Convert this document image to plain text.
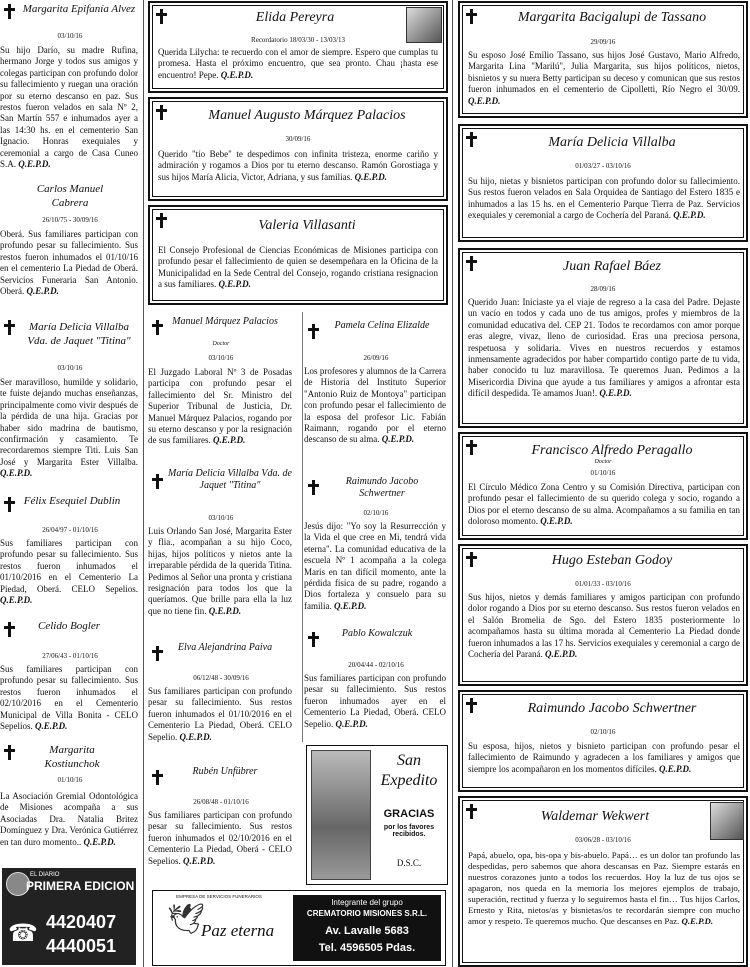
Margarita Epifanía Alvez
03/10/16
Su hijo Darío, su madre Rufina, hermano Jorge y todos sus amigos y colegas participan con profundo dolor su fallecimiento y ruegan una oración por su eterno descanso en paz. Sus restos fueron velados en sala Nº 2, San Martín 557 e inhumados ayer a las 14:30 hs. en el cementerio San Ignacio. Honras exequiales y ceremonial a cargo de Casa Cuneo S.A. Q.E.P.D.
Carlos Manuel Cabrera
26/10/75 - 30/09/16
Oberá. Sus familiares participan con profundo pesar su fallecimiento. Sus restos fueron inhumados el 01/10/16 en el cementerio La Piedad de Oberá. Servicios Funeraria San Antonio. Oberá. Q.E.P.D.
María Delicia Villalba Vda. de Jaquet "Titina"
03/10/16
Ser maravilloso, humilde y solidario, te fuiste dejando muchas enseñanzas, principalmente como vivir después de la pérdida de una hija. Gracias por haber sido madrina de bautismo, confirmación y casamiento. Te recordaremos siempre Titi. Luis San José y Margarita Ester Villalba. Q.E.P.D.
Félix Esequiel Dublin
26/04/97 - 01/10/16
Sus familiares participan con profundo pesar su fallecimiento. Sus restos fueron inhumados el 01/10/2016 en el Cementerio La Piedad, Oberá. CELO Sepelios. Q.E.P.D.
Celido Bogler
27/06/43 - 01/10/16
Sus familiares participan con profundo pesar su fallecimiento. Sus restos fueron inhumados el 02/10/2016 en el Cementerio Municipal de Villa Bonita - CELO Sepelios. Q.E.P.D.
Margarita Kostiunchok
01/10/16
La Asociación Gremial Odontológica de Misiones acompaña a sus Asociadas Dra. Natalia Britez Domínguez y Dra. Verónica Gutiérrez en tan duro momento.. Q.E.P.D.
EL DIARIO
PRIMERA EDICION
☎ 4420407
4440051
Elida Pereyra
Recordatorio 18/03/30 - 13/03/13
Querida Lilycha: te recuerdo con el amor de siempre. Espero que cumplas tu promesa. Hasta el próximo encuentro, que sea pronto. Chau ¡hasta ese encuentro! Pepe. Q.E.P.D.
Manuel Augusto Márquez Palacios
30/09/16
Querido "tío Bebe" te despedimos con infinita tristeza, enorme cariño y admiración y rogamos a Dios por tu eterno descanso. Ramón Gorostiaga y sus hijos María Alicia, Victor, Adriana, y sus familias. Q.E.P.D.
Valeria Villasanti
El Consejo Profesional de Ciencias Económicas de Misiones participa con profundo pesar el fallecimiento de quien se desempeñara en la Oficina de la Municipalidad en la Sede Central del Consejo, rogando cristiana resignacion a sus familiares. Q.E.P.D.
Manuel Márquez Palacios
Doctor
03/10/16
El Juzgado Laboral Nº 3 de Posadas participa con profundo pesar el fallecimiento del Sr. Ministro del Superior Tribunal de Justicia, Dr. Manuel Márquez Palacios, rogando por su eterno descanso y por la resignación de sus familiares. Q.E.P.D.
María Delicia Villalba Vda. de Jaquet "Titina"
03/10/16
Luis Orlando San José, Margarita Ester y flia., acompañan a su hijo Coco, hijas, hijos políticos y nietos ante la irreparable pérdida de la querida Titina. Pedimos al Señor una pronta y cristiana resignación para todos los que la queríamos. Que brille para ella la luz que no tiene fin. Q.E.P.D.
Elva Alejandrina Paiva
06/12/48 - 30/09/16
Sus familiares participan con profundo pesar su fallecimiento. Sus restos fueron inhumados el 01/10/2016 en el Cementerio La Piedad, Oberá. CELO Sepelio. Q.E.P.D.
Rubén Unfübrer
26/08/48 - 01/10/16
Sus familiares participan con profundo pesar su fallecimiento. Sus restos fueron inhumados el 02/10/2016 en el Cementerio La Piedad, Oberá - CELO Sepelios. Q.E.P.D.
Pamela Celina Elizalde
26/09/16
Los profesores y alumnos de la Carrera de Historia del Instituto Superior "Antonio Ruiz de Montoya" participan con profundo pesar el fallecimiento de la esposa del profesor Lic. Fabián Raimann, rogando por el eterno descanso de su alma. Q.E.P.D.
Raimundo Jacobo Schwertner
02/10/16
Jesús dijo: "Yo soy la Resurrección y la Vida el que cree en Mi, tendrá vida eterna". La comunidad educativa de la escuela Nº 1 acompaña a la colega Maris en tan difícil momento, ante la pérdida física de su padre, rogando a Dios fortaleza y consuelo para su familia. Q.E.P.D.
Pablo Kowalczuk
20/04/44 - 02/10/16
Sus familiares participan con profundo pesar su fallecimiento. Sus restos fueron inhumados ayer en el Cementerio La Piedad, Oberá. CELO Sepelio. Q.E.P.D.
San
Expedito
GRACIAS
por los favores recibidos.
D.S.C.
EMPRESA DE SERVICIOS FUNERARIOS
🕊
Paz eterna
Integrante del grupo
CREMATORIO MISIONES S.R.L.
Av. Lavalle 5683
Tel. 4596505 Pdas.
Margarita Bacigalupi de Tassano
29/09/16
Su esposo José Emilio Tassano, sus hijos José Gustavo, Mario Alfredo, Margarita Lina "Marilú", Julia Margarita, sus hijos políticos, nietos, bisnietos y su nuera Betty participan su deceso y comunican que sus restos fueron inhumados en el cementerio de Cipolletti, Río Negro el 30/09. Q.E.P.D.
María Delicia Villalba
01/03/27 - 03/10/16
Su hijo, nietas y bisnietos participan con profundo dolor su fallecimiento. Sus restos fueron velados en Sala Orquidea de Santiago del Estero 1835 e inhumados a las 15 hs. en el Cementerio Parque Tierra de Paz. Servicios exequiales y ceremonial a cargo de Cochería del Paraná. Q.E.P.D.
Juan Rafael Báez
28/09/16
Querido Juan: Iniciaste ya el viaje de regreso a la casa del Padre. Dejaste un vacío en todos y cada uno de tus amigos, profes y miembros de la comunidad educativa del. CEP 21. Todos te recordamos con amor porque eras alegre, vivaz, lleno de curiosidad. Eras una preciosa persona, respetuosa y solidaria. Vives en nuestros recuerdos y estamos inmensamente agradecidos por haber compartido contigo parte de tu vida, haber conocido tu luz maravillosa. Te queremos Juan. Pedimos a la Misericordia Divina que ayude a tus familiares y amigos a afrontar esta difícil despedida. Te amamos Juan!. Q.E.P.D.
Francisco Alfredo Peragallo
Doctor
01/10/16
El Círculo Médico Zona Centro y su Comisión Directiva, participan con profundo pesar el fallecimiento de su querido colega y socio, rogando a Dios por el eterno descanso de su alma. Acompañamos a su familia en tan doloroso momento. Q.E.P.D.
Hugo Esteban Godoy
01/01/33 - 03/10/16
Sus hijos, nietos y demás familiares y amigos participan con profundo dolor rogando a Dios por su eterno descanso. Sus restos fueron velados en el Salón Bromelia de Sgo. del Estero 1835 posteriormente lo acompañamos hasta su última morada al Cementerio La Piedad donde fueron inhumados a las 17 hs. Servicios exequiales y ceremonial a cargo de Cochería del Paraná. Q.E.P.D.
Raimundo Jacobo Schwertner
02/10/16
Su esposa, hijos, nietos y bisnieto participan con profundo pesar el fallecimiento de Raimundo y agradecen a los familiares y amigos que siempre los acompañaron en los momentos difíciles. Q.E.P.D.
Waldemar Wekwert
03/06/28 - 03/10/16
Papá, abuelo, opa, bis-opa y bis-abuelo. Papá… es un dolor tan profundo las despedidas, pero sabemos que ahora descansas en Paz. Siempre estarás en nuestros corazones junto a todos los recuerdos. Hoy la luz de tus ojos se apagaron, nos queda en la memoria los mejores ejemplos de trabajo, superación, rectitud y fuerza y lo seguiremos hasta el fin… Tus hijos Carlos, Ernesto y Rita, nietos/as y bisnietas/os te recordarán siempre con mucho amor y respeto. Te queremos mucho. Que descanses en Paz. Q.E.P.D.
